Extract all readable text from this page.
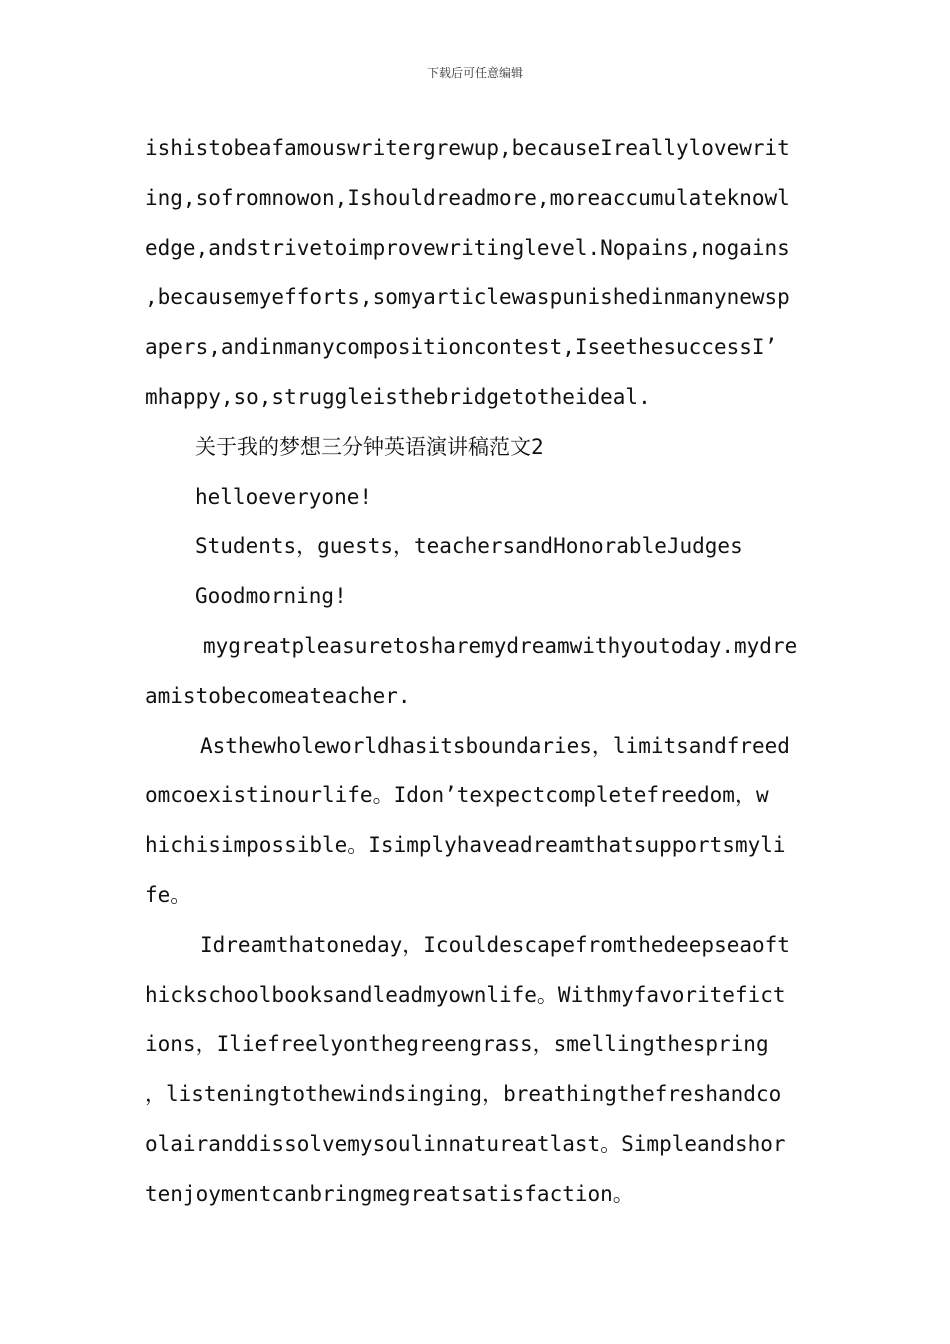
下载后可任意编辑
ishistobeafamouswritergrewup,becauseIreallylovewrit
ing,sofromnowon,Ishouldreadmore,moreaccumulateknowl
edge,andstrivetoimprovewritinglevel.Nopains,nogains
,becausemyefforts,somyarticlewaspunishedinmanynewsp
apers,andinmanycompositioncontest,IseethesuccessI’
mhappy,so,struggleisthebridgetotheideal.
关于我的梦想三分钟英语演讲稿范文2
helloeveryone!
Students，guests，teachersandHonorableJudges
Goodmorning!
mygreatpleasuretosharemydreamwithyoutoday.mydre
amistobecomeateacher.
Asthewholeworldhasitsboundaries，limitsandfreed
omcoexistinourlife。Idon’texpectcompletefreedom，w
hichisimpossible。Isimplyhaveadreamthatsupportsmyli
fe。
Idreamthatoneday，Icouldescapefromthedeepseaoft
hickschoolbooksandleadmyownlife。Withmyfavoritefict
ions，Iliefreelyonthegreengrass，smellingthespring
，listeningtothewindsinging，breathingthefreshandco
olairanddissolvemysoulinnatureatlast。Simpleandshor
tenjoymentcanbringmegreatsatisfaction。
